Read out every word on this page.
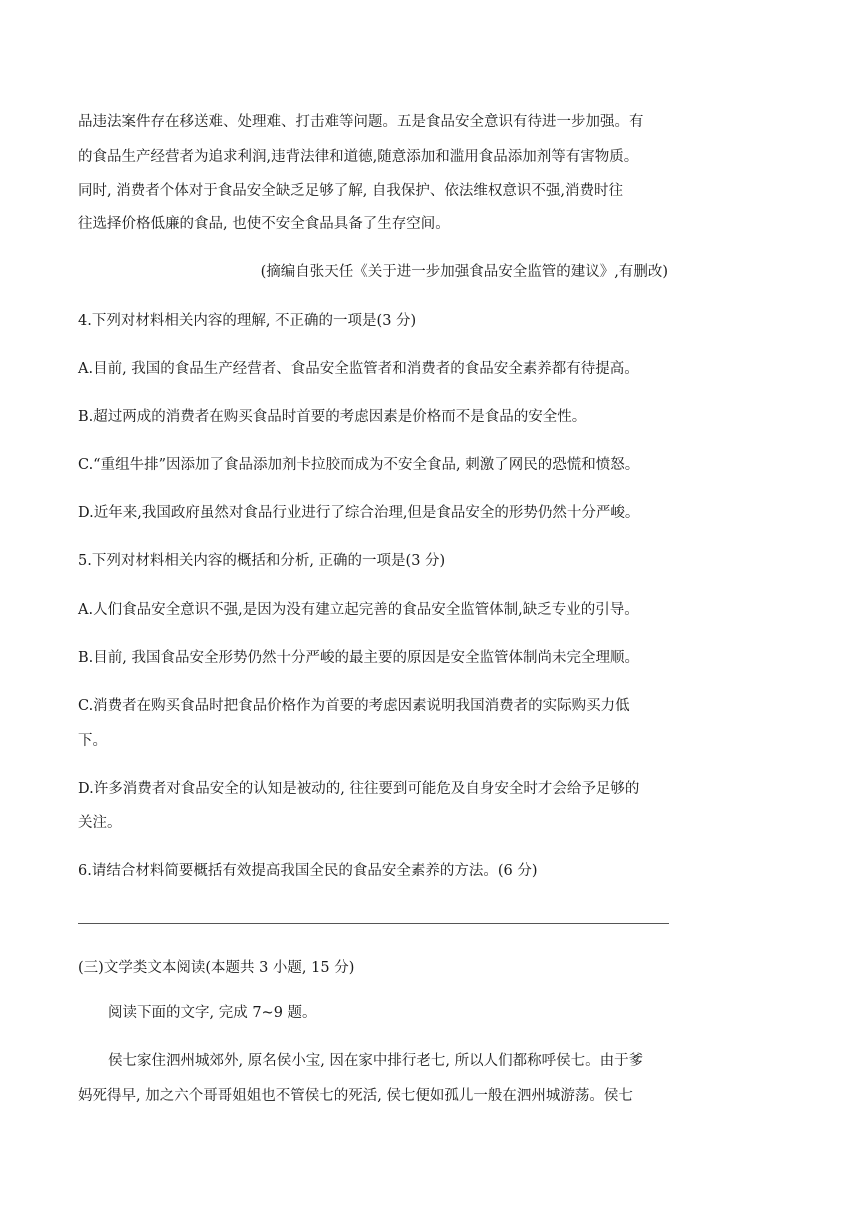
品违法案件存在移送难、处理难、打击难等问题。五是食品安全意识有待进一步加强。有

的食品生产经营者为追求利润,违背法律和道德,随意添加和滥用食品添加剂等有害物质。

同时, 消费者个体对于食品安全缺乏足够了解, 自我保护、依法维权意识不强,消费时往

往选择价格低廉的食品, 也使不安全食品具备了生存空间。

(摘编自张天任《关于进一步加强食品安全监管的建议》,有删改)

4.下列对材料相关内容的理解, 不正确的一项是(3 分)

A.目前, 我国的食品生产经营者、食品安全监管者和消费者的食品安全素养都有待提高。

B.超过两成的消费者在购买食品时首要的考虑因素是价格而不是食品的安全性。

C.“重组牛排”因添加了食品添加剂卡拉胶而成为不安全食品, 刺激了网民的恐慌和愤怒。

D.近年来,我国政府虽然对食品行业进行了综合治理,但是食品安全的形势仍然十分严峻。

5.下列对材料相关内容的概括和分析, 正确的一项是(3 分)

A.人们食品安全意识不强,是因为没有建立起完善的食品安全监管体制,缺乏专业的引导。

B.目前, 我国食品安全形势仍然十分严峻的最主要的原因是安全监管体制尚未完全理顺。

C.消费者在购买食品时把食品价格作为首要的考虑因素说明我国消费者的实际购买力低

下。

D.许多消费者对食品安全的认知是被动的, 往往要到可能危及自身安全时才会给予足够的

关注。

6.请结合材料简要概括有效提高我国全民的食品安全素养的方法。(6 分)

(三)文学类文本阅读(本题共 3 小题, 15 分)

阅读下面的文字, 完成 7~9 题。

侯七家住泗州城郊外, 原名侯小宝, 因在家中排行老七, 所以人们都称呼侯七。由于爹

妈死得早, 加之六个哥哥姐姐也不管侯七的死活, 侯七便如孤儿一般在泗州城游荡。侯七
